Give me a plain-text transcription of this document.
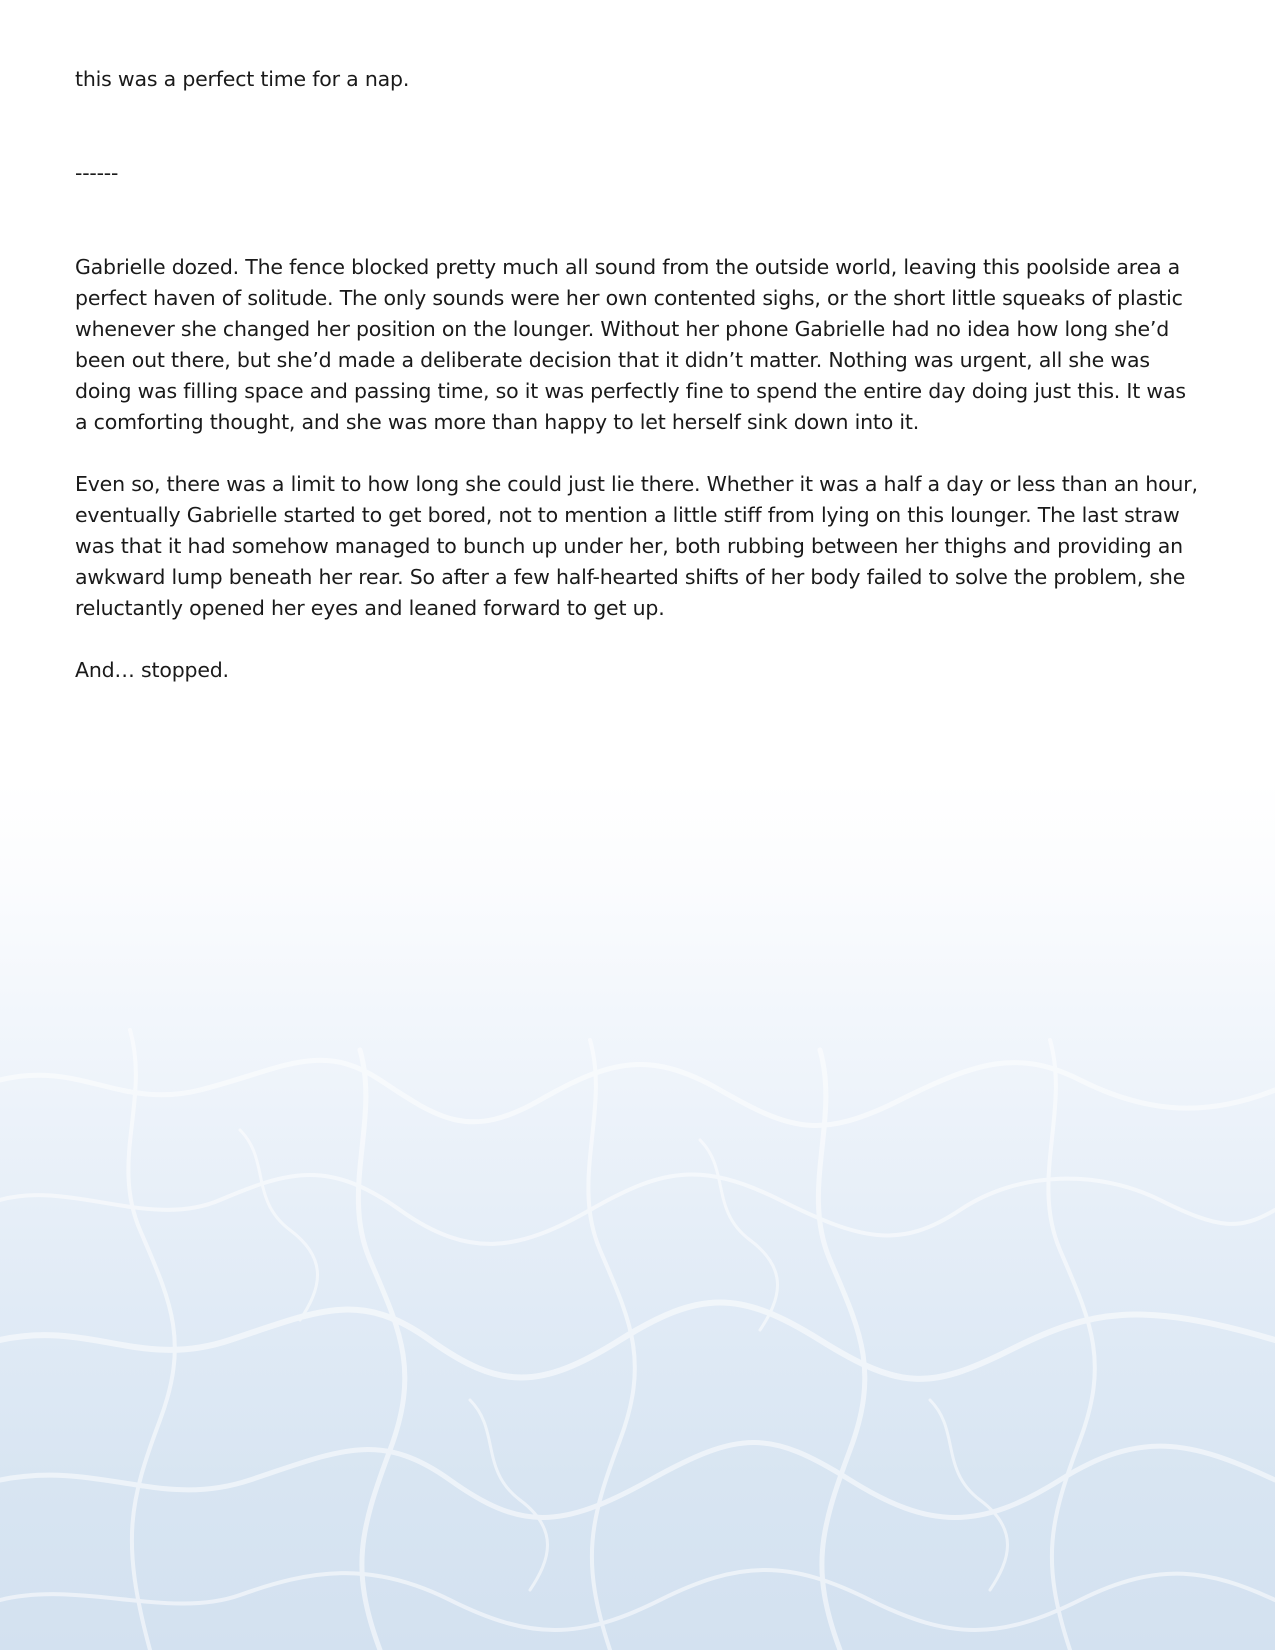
this was a perfect time for a nap.

------

Gabrielle dozed. The fence blocked pretty much all sound from the outside world, leaving this poolside area a perfect haven of solitude. The only sounds were her own contented sighs, or the short little squeaks of plastic whenever she changed her position on the lounger. Without her phone Gabrielle had no idea how long she’d been out there, but she’d made a deliberate decision that it didn’t matter. Nothing was urgent, all she was doing was filling space and passing time, so it was perfectly fine to spend the entire day doing just this. It was a comforting thought, and she was more than happy to let herself sink down into it.

Even so, there was a limit to how long she could just lie there. Whether it was a half a day or less than an hour, eventually Gabrielle started to get bored, not to mention a little stiff from lying on this lounger. The last straw was that it had somehow managed to bunch up under her, both rubbing between her thighs and providing an awkward lump beneath her rear. So after a few half-hearted shifts of her body failed to solve the problem, she reluctantly opened her eyes and leaned forward to get up.

And… stopped.
